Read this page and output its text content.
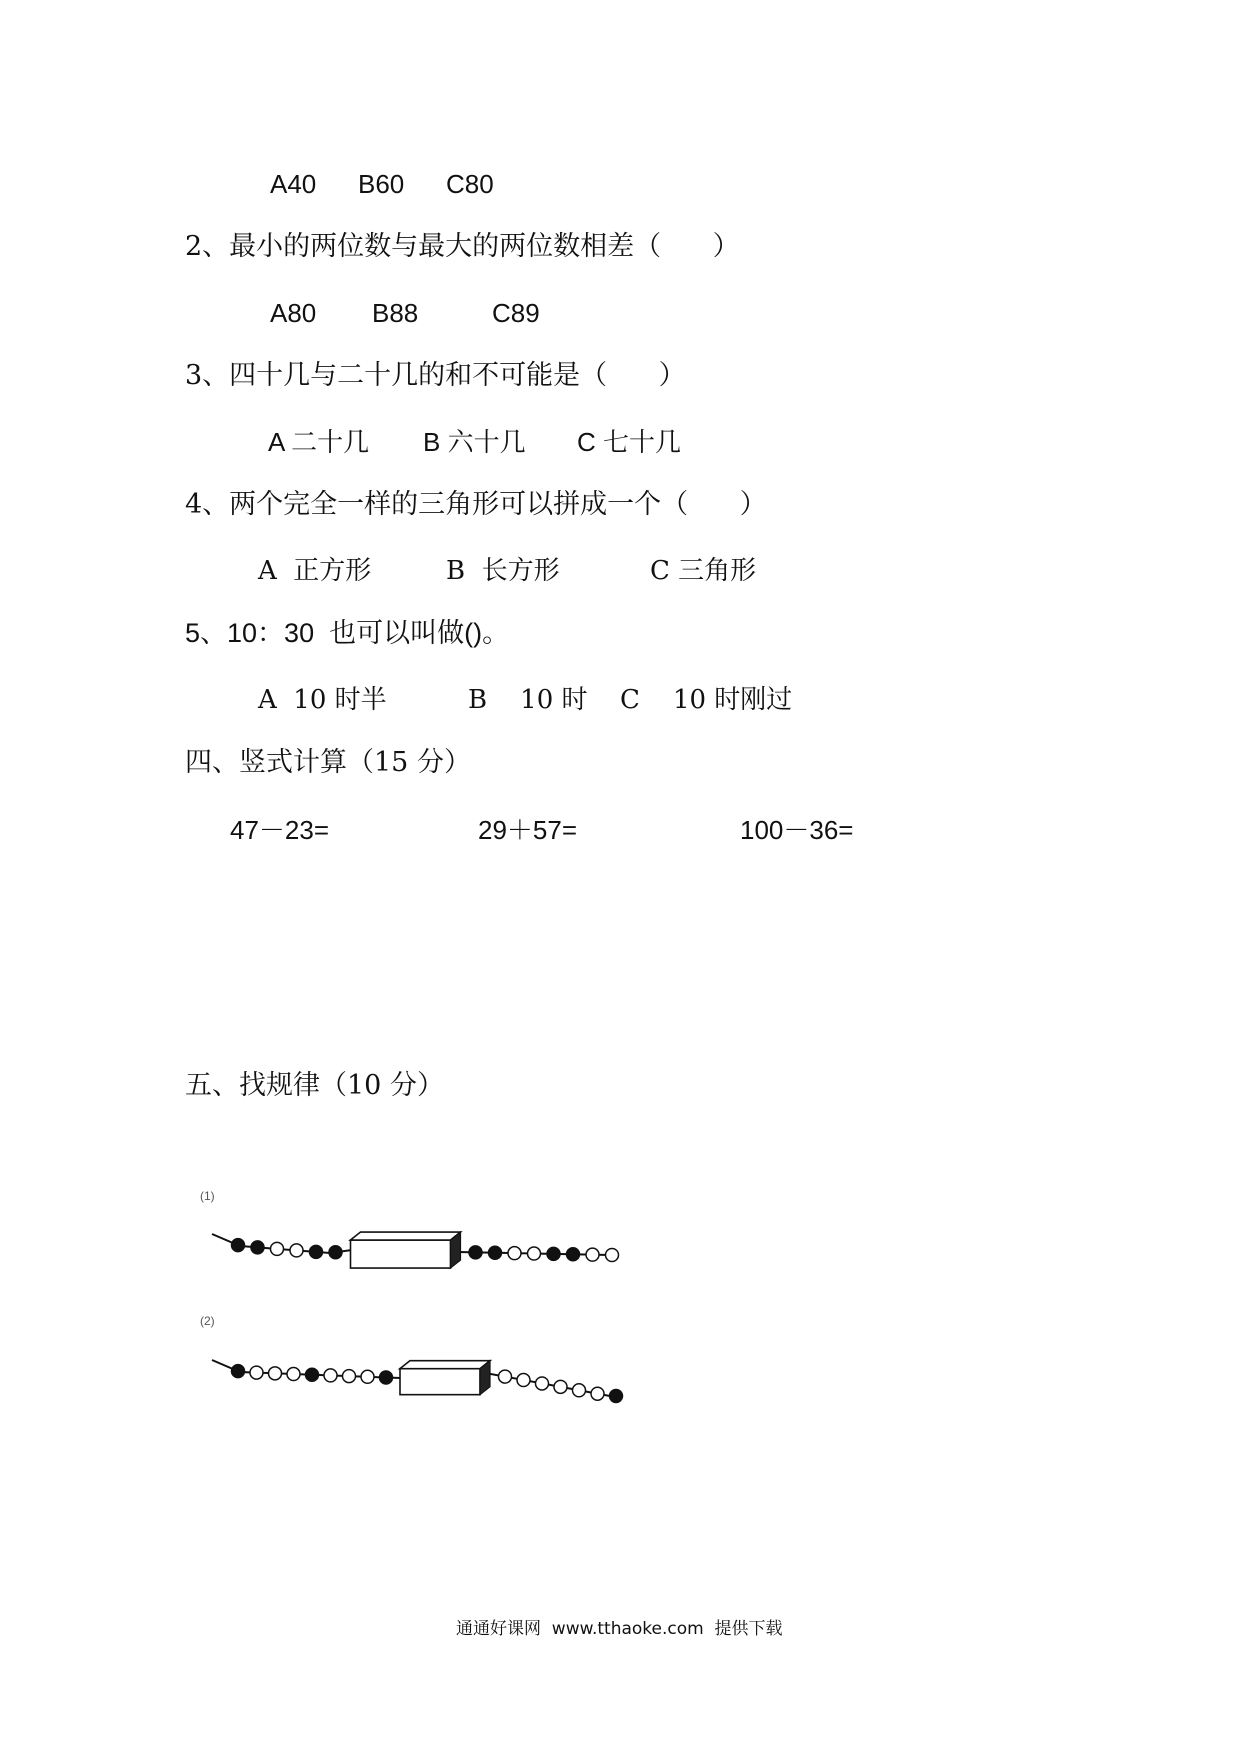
A40 B60 C80
2、最小的两位数与最大的两位数相差（      ）
A80 B88	C89
3、四十几与二十几的和不可能是（      ）
A 二十几 B 六十几 C 七十几
4、两个完全一样的三角形可以拼成一个（      ）
A  正方形	B  长方形	C 三角形
5、10：30  也可以叫做()。
A  10 时半	B    10 时 C    10 时刚过
四、竖式计算（15 分）
47－23=	29＋57=	100－36=
五、找规律（10 分）
(1)
(2)
通通好课网  www.tthaoke.com  提供下载
